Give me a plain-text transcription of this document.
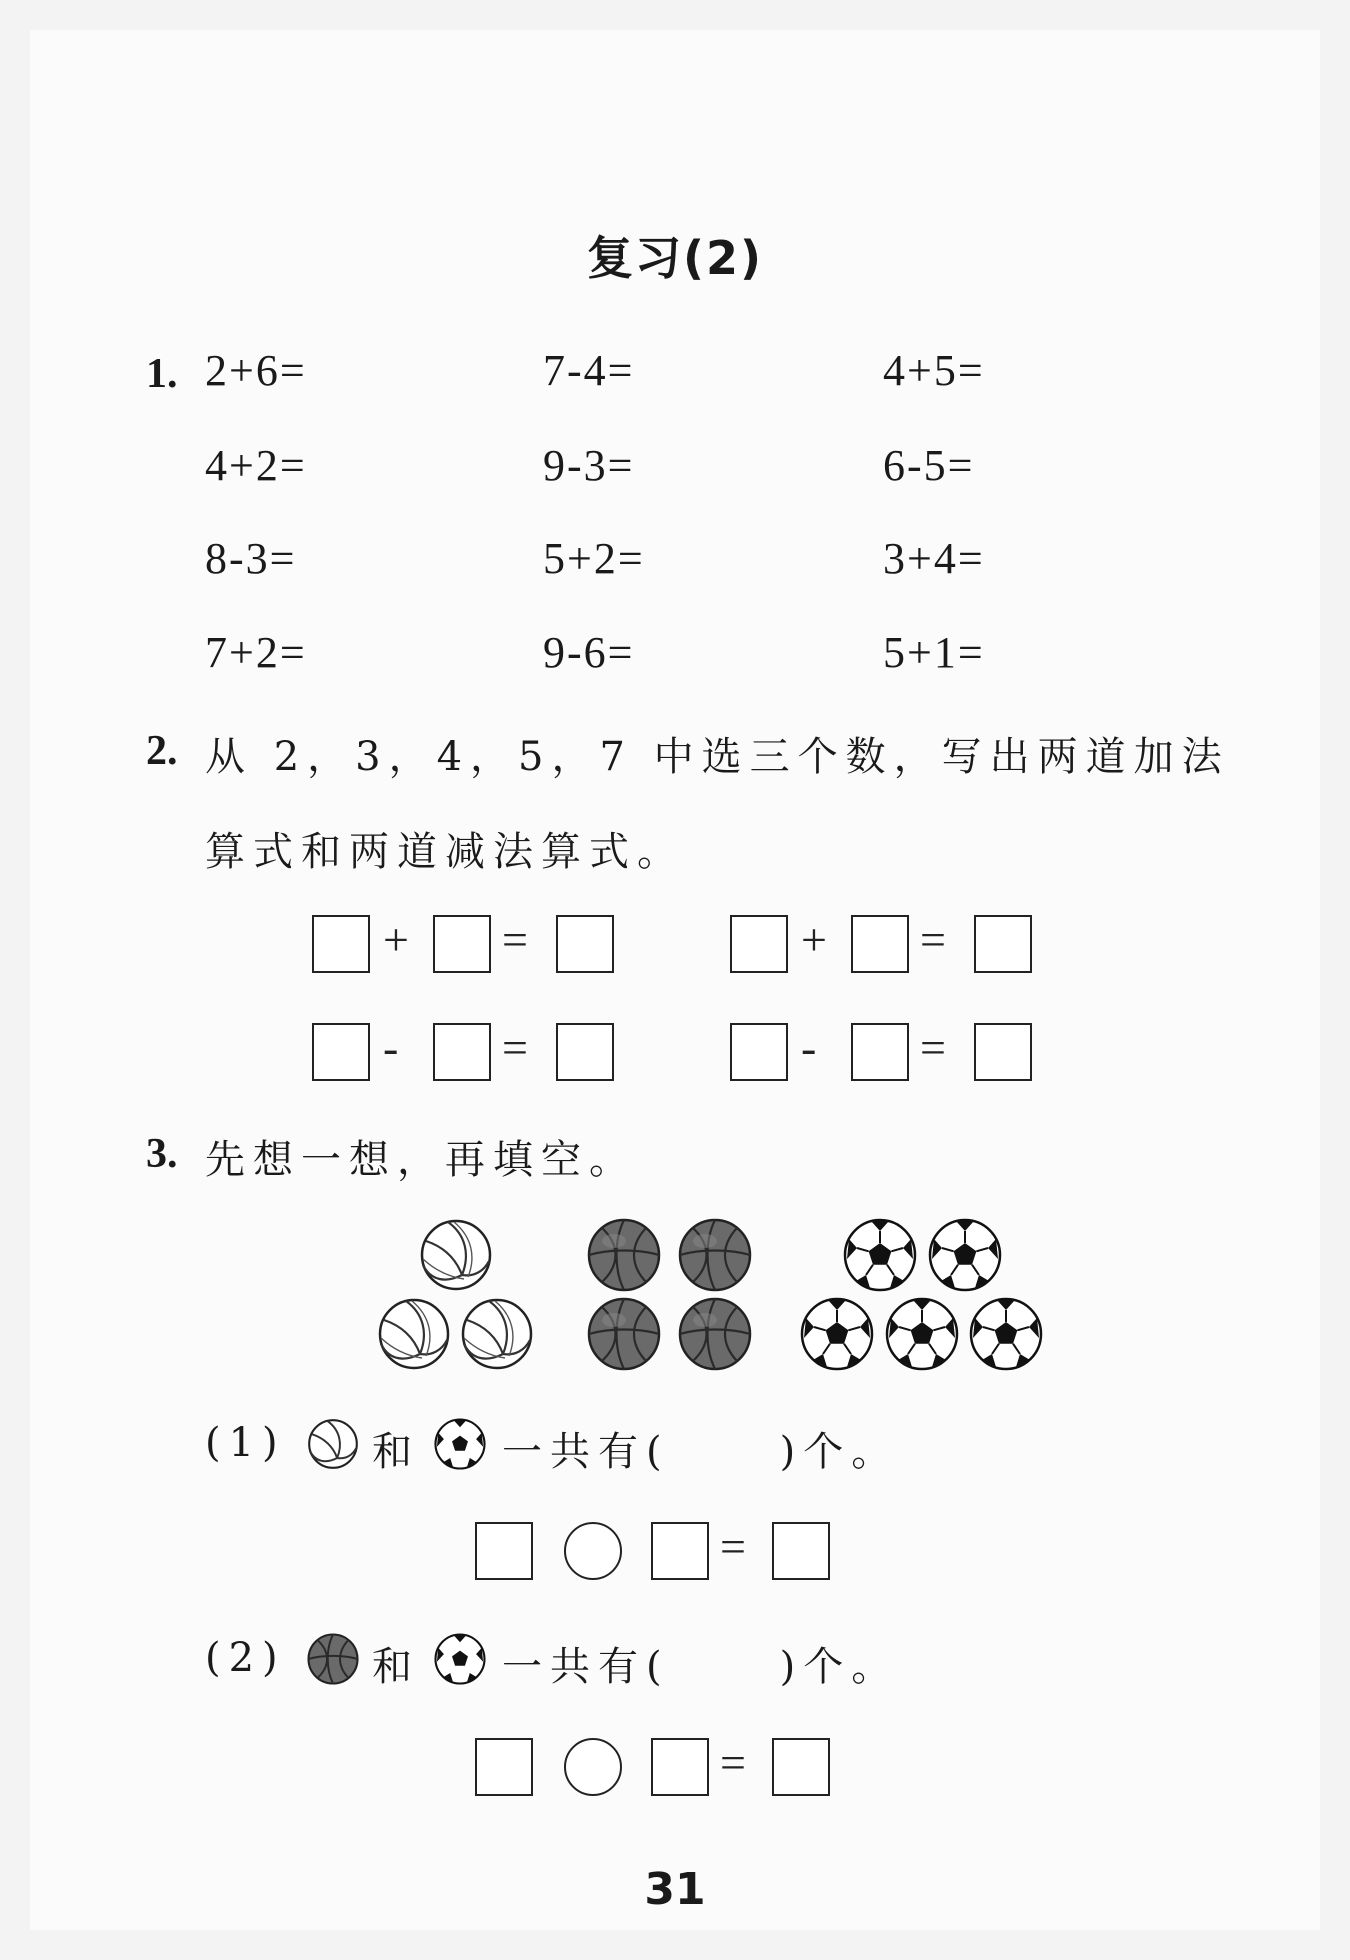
复习(2)
1. 2+6=	7-4=	4+5=
4+2=	9-3=	6-5=
8-3=	5+2=	3+4=
7+2=	9-6=	5+1=
2. 从 2，3，4，5，7 中选三个数，写出两道加法
算式和两道减法算式。
+ =	+ =
- =	- =
3. 先想一想，再填空。
(1) 和 一共有(	)个。
=
(2) 和 一共有(	)个。
=
31
